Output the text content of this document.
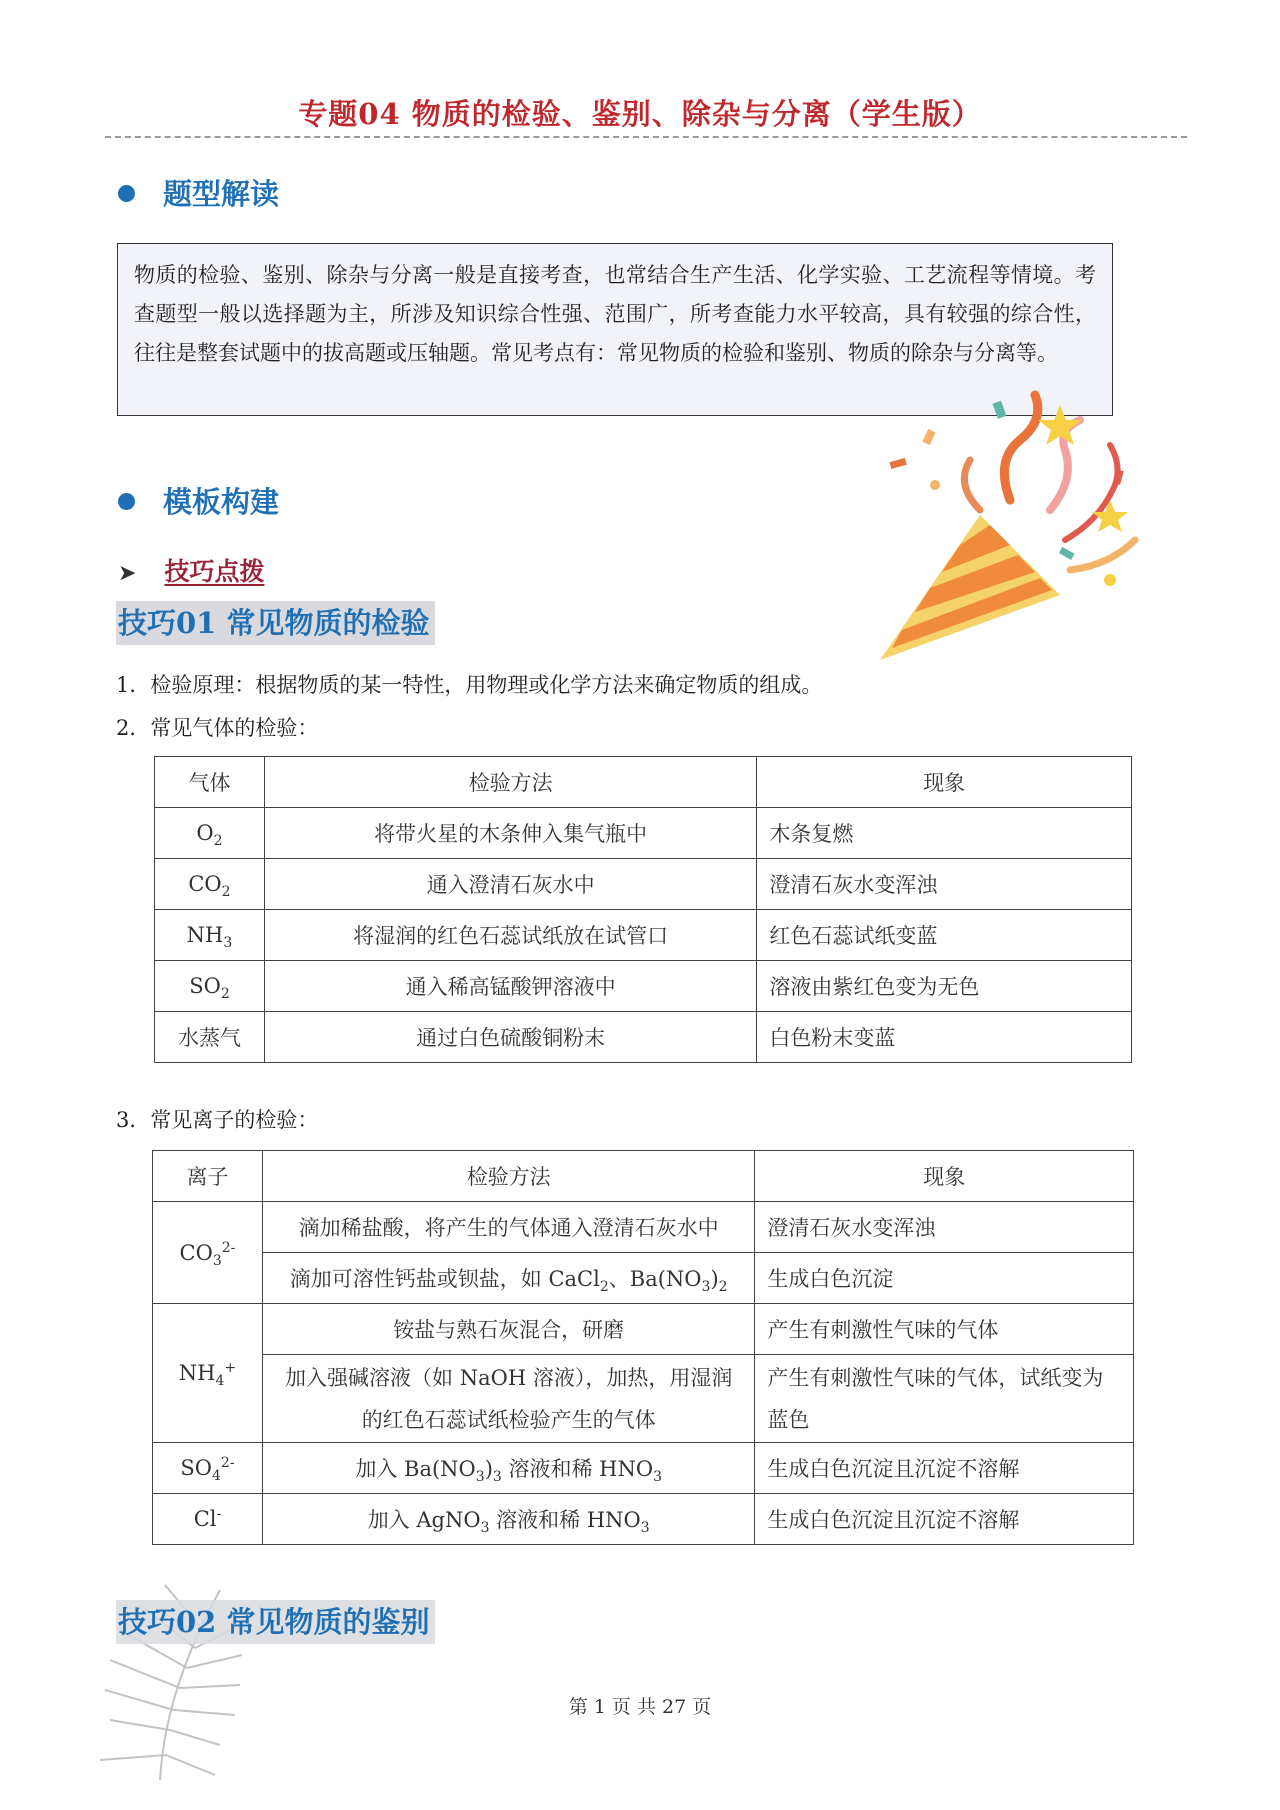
专题04 物质的检验、鉴别、除杂与分离（学生版）
题型解读
物质的检验、鉴别、除杂与分离一般是直接考查，也常结合生产生活、化学实验、工艺流程等情境。考查题型一般以选择题为主，所涉及知识综合性强、范围广，所考查能力水平较高，具有较强的综合性，往往是整套试题中的拔高题或压轴题。常见考点有：常见物质的检验和鉴别、物质的除杂与分离等。
模板构建
➤ 技巧点拨
技巧01 常见物质的检验
1．检验原理：根据物质的某一特性，用物理或化学方法来确定物质的组成。
2．常见气体的检验：
气体	检验方法	现象
$O_2$	将带火星的木条伸入集气瓶中	木条复燃
$CO_2$	通入澄清石灰水中	澄清石灰水变浑浊
$NH_3$	将湿润的红色石蕊试纸放在试管口	红色石蕊试纸变蓝
$SO_2$	通入稀高锰酸钾溶液中	溶液由紫红色变为无色
水蒸气	通过白色硫酸铜粉末	白色粉末变蓝
3．常见离子的检验：
离子	检验方法	现象
$CO_3^{2-}$	滴加稀盐酸，将产生的气体通入澄清石灰水中	澄清石灰水变浑浊
	滴加可溶性钙盐或钡盐，如 CaCl$_2$、$Ba(NO_3)_2$	生成白色沉淀
$NH_4^+$	铵盐与熟石灰混合，研磨	产生有刺激性气味的气体
	加入强碱溶液（如 NaOH 溶液），加热，用湿润的红色石蕊试纸检验产生的气体	产生有刺激性气味的气体，试纸变为蓝色
$SO_4^{2-}$	加入 $Ba(NO_3)_3$ 溶液和稀 $HNO_3$	生成白色沉淀且沉淀不溶解
Cl-	加入 AgNO$_3$ 溶液和稀 $HNO_3$	生成白色沉淀且沉淀不溶解
技巧02 常见物质的鉴别
第 1 页 共 27 页
